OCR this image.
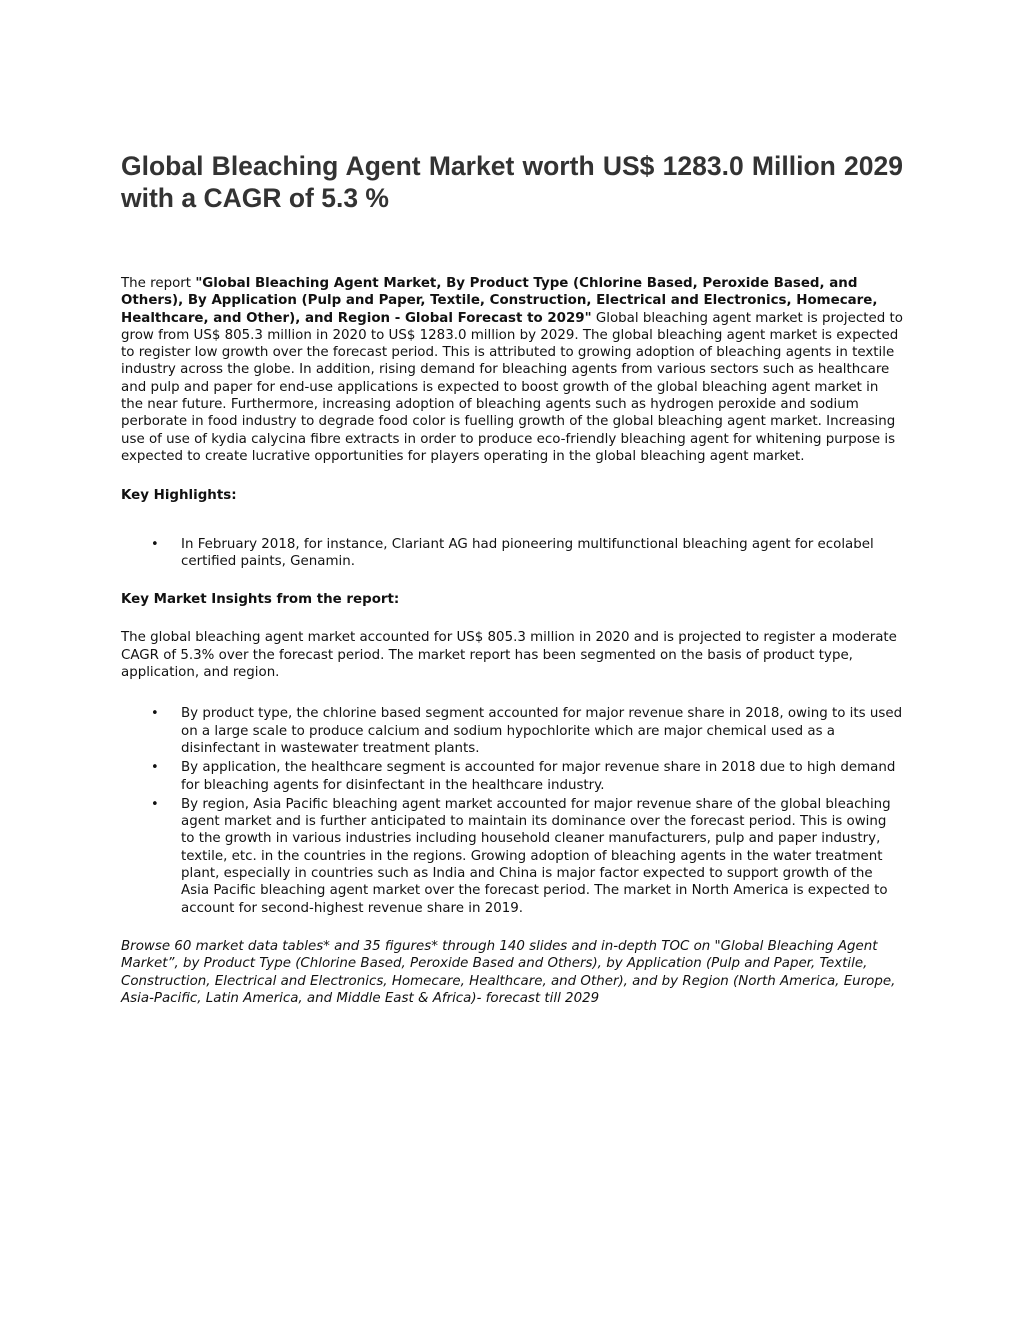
Global Bleaching Agent Market worth US$ 1283.0 Million 2029 with a CAGR of 5.3 %

The report "Global Bleaching Agent Market, By Product Type (Chlorine Based, Peroxide Based, and Others), By Application (Pulp and Paper, Textile, Construction, Electrical and Electronics, Homecare, Healthcare, and Other), and Region - Global Forecast to 2029" Global bleaching agent market is projected to grow from US$ 805.3 million in 2020 to US$ 1283.0 million by 2029. The global bleaching agent market is expected to register low growth over the forecast period. This is attributed to growing adoption of bleaching agents in textile industry across the globe. In addition, rising demand for bleaching agents from various sectors such as healthcare and pulp and paper for end-use applications is expected to boost growth of the global bleaching agent market in the near future. Furthermore, increasing adoption of bleaching agents such as hydrogen peroxide and sodium perborate in food industry to degrade food color is fuelling growth of the global bleaching agent market. Increasing use of use of kydia calycina fibre extracts in order to produce eco-friendly bleaching agent for whitening purpose is expected to create lucrative opportunities for players operating in the global bleaching agent market.

Key Highlights:

• In February 2018, for instance, Clariant AG had pioneering multifunctional bleaching agent for ecolabel certified paints, Genamin.

Key Market Insights from the report:

The global bleaching agent market accounted for US$ 805.3 million in 2020 and is projected to register a moderate CAGR of 5.3% over the forecast period. The market report has been segmented on the basis of product type, application, and region.

• By product type, the chlorine based segment accounted for major revenue share in 2018, owing to its used on a large scale to produce calcium and sodium hypochlorite which are major chemical used as a disinfectant in wastewater treatment plants.
• By application, the healthcare segment is accounted for major revenue share in 2018 due to high demand for bleaching agents for disinfectant in the healthcare industry.
• By region, Asia Pacific bleaching agent market accounted for major revenue share of the global bleaching agent market and is further anticipated to maintain its dominance over the forecast period. This is owing to the growth in various industries including household cleaner manufacturers, pulp and paper industry, textile, etc. in the countries in the regions. Growing adoption of bleaching agents in the water treatment plant, especially in countries such as India and China is major factor expected to support growth of the Asia Pacific bleaching agent market over the forecast period. The market in North America is expected to account for second-highest revenue share in 2019.

Browse 60 market data tables* and 35 figures* through 140 slides and in-depth TOC on "Global Bleaching Agent Market”, by Product Type (Chlorine Based, Peroxide Based and Others), by Application (Pulp and Paper, Textile, Construction, Electrical and Electronics, Homecare, Healthcare, and Other), and by Region (North America, Europe, Asia-Pacific, Latin America, and Middle East & Africa)- forecast till 2029
